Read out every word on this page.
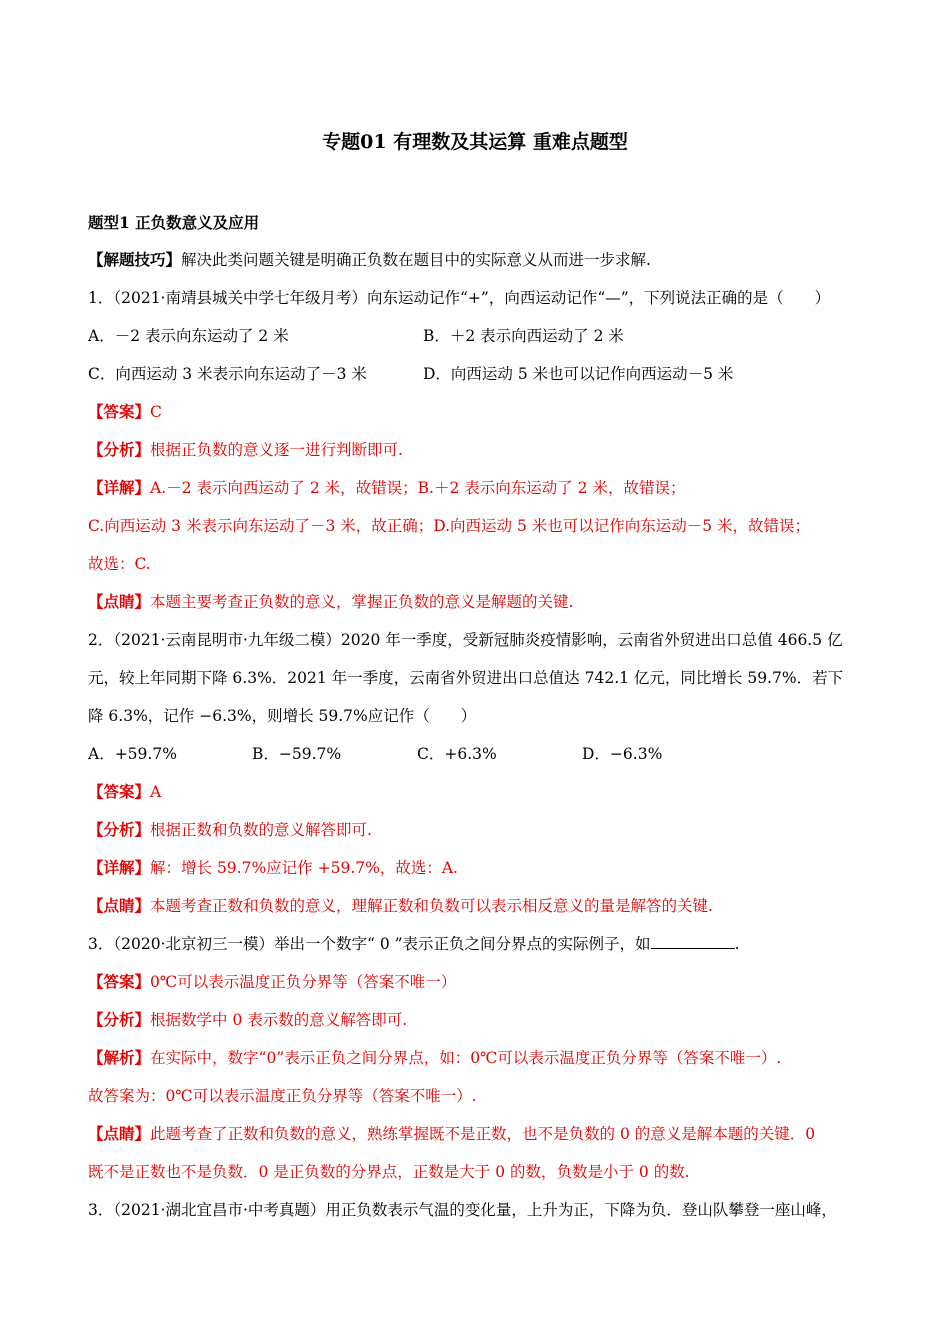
专题01 有理数及其运算 重难点题型
题型1 正负数意义及应用
【解题技巧】解决此类问题关键是明确正负数在题目中的实际意义从而进一步求解.
1．（2021·南靖县城关中学七年级月考）向东运动记作“+”，向西运动记作“—”，下列说法正确的是（　　）
A．－2 表示向东运动了 2 米	B．＋2 表示向西运动了 2 米
C．向西运动 3 米表示向东运动了－3 米	D．向西运动 5 米也可以记作向西运动－5 米
【答案】C
【分析】根据正负数的意义逐一进行判断即可.
【详解】A.－2 表示向西运动了 2 米，故错误；B.＋2 表示向东运动了 2 米，故错误；
C.向西运动 3 米表示向东运动了－3 米，故正确；D.向西运动 5 米也可以记作向东运动－5 米，故错误；
故选：C.
【点睛】本题主要考查正负数的意义，掌握正负数的意义是解题的关键.
2．（2021·云南昆明市·九年级二模）2020 年一季度，受新冠肺炎疫情影响，云南省外贸进出口总值 466.5 亿
元，较上年同期下降 6.3%．2021 年一季度，云南省外贸进出口总值达 742.1 亿元，同比增长 59.7%．若下
降 6.3%，记作 −6.3%，则增长 59.7%应记作（　　）
A．+59.7%	B．−59.7%	C．+6.3%	D．−6.3%
【答案】A
【分析】根据正数和负数的意义解答即可.
【详解】解：增长 59.7%应记作 +59.7%，故选：A.
【点睛】本题考查正数和负数的意义，理解正数和负数可以表示相反意义的量是解答的关键.
3．（2020·北京初三一模）举出一个数字“ 0 ”表示正负之间分界点的实际例子，如	.
【答案】0℃可以表示温度正负分界等（答案不唯一）
【分析】根据数学中 0 表示数的意义解答即可.
【解析】在实际中，数字“0”表示正负之间分界点，如：0℃可以表示温度正负分界等（答案不唯一）.
故答案为：0℃可以表示温度正负分界等（答案不唯一）.
【点睛】此题考查了正数和负数的意义，熟练掌握既不是正数，也不是负数的 0 的意义是解本题的关键．0
既不是正数也不是负数．0 是正负数的分界点，正数是大于 0 的数，负数是小于 0 的数.
3．（2021·湖北宜昌市·中考真题）用正负数表示气温的变化量，上升为正，下降为负．登山队攀登一座山峰，
